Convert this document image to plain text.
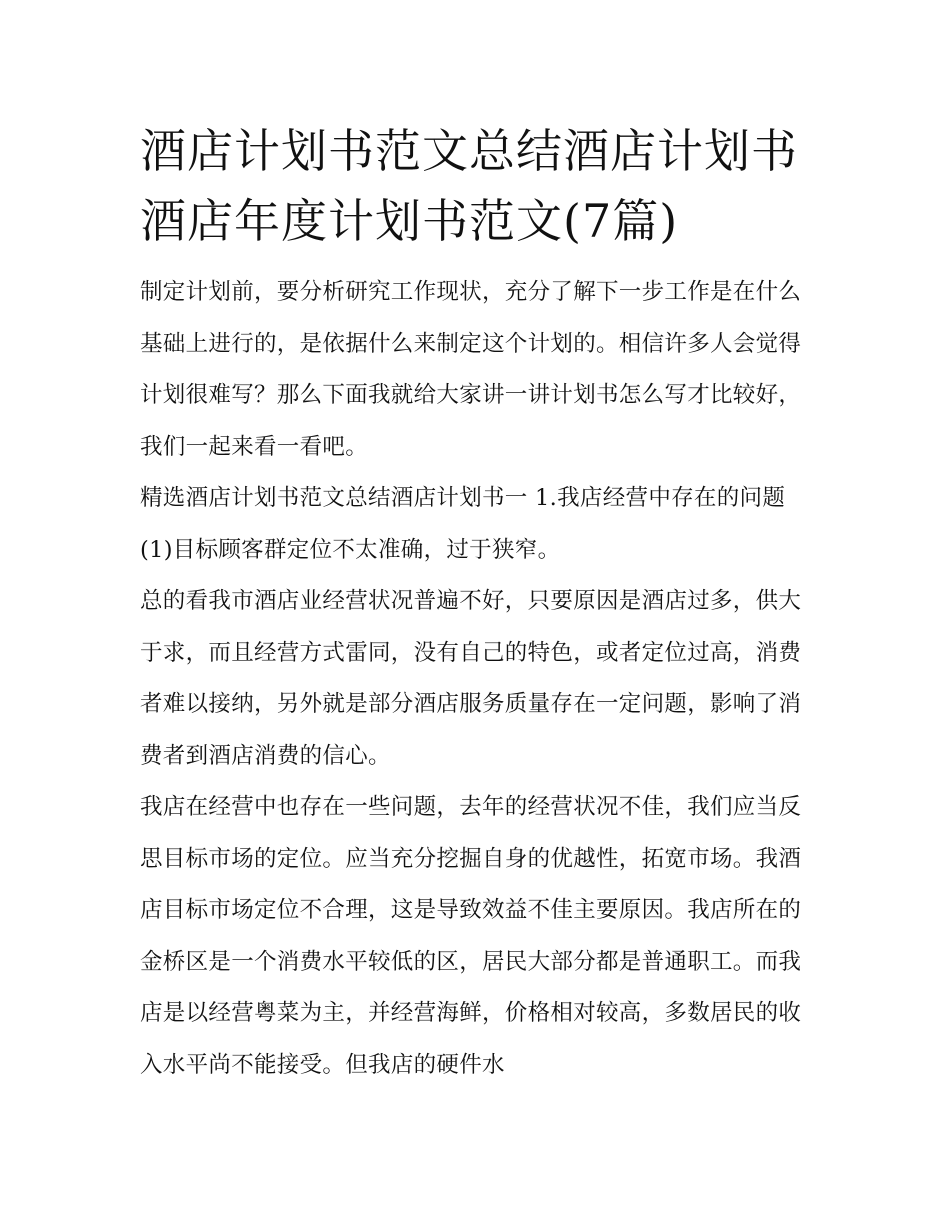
酒店计划书范文总结酒店计划书 酒店年度计划书范文(7篇)

制定计划前，要分析研究工作现状，充分了解下一步工作是在什么基础上进行的，是依据什么来制定这个计划的。相信许多人会觉得计划很难写？那么下面我就给大家讲一讲计划书怎么写才比较好，我们一起来看一看吧。

精选酒店计划书范文总结酒店计划书一 1.我店经营中存在的问题 (1)目标顾客群定位不太准确，过于狭窄。

总的看我市酒店业经营状况普遍不好，只要原因是酒店过多，供大于求，而且经营方式雷同，没有自己的特色，或者定位过高，消费者难以接纳，另外就是部分酒店服务质量存在一定问题，影响了消费者到酒店消费的信心。

我店在经营中也存在一些问题，去年的经营状况不佳，我们应当反思目标市场的定位。应当充分挖掘自身的优越性，拓宽市场。我酒店目标市场定位不合理，这是导致效益不佳主要原因。我店所在的金桥区是一个消费水平较低的区，居民大部分都是普通职工。而我店是以经营粤菜为主，并经营海鲜，价格相对较高，多数居民的收入水平尚不能接受。但我店的硬件水
